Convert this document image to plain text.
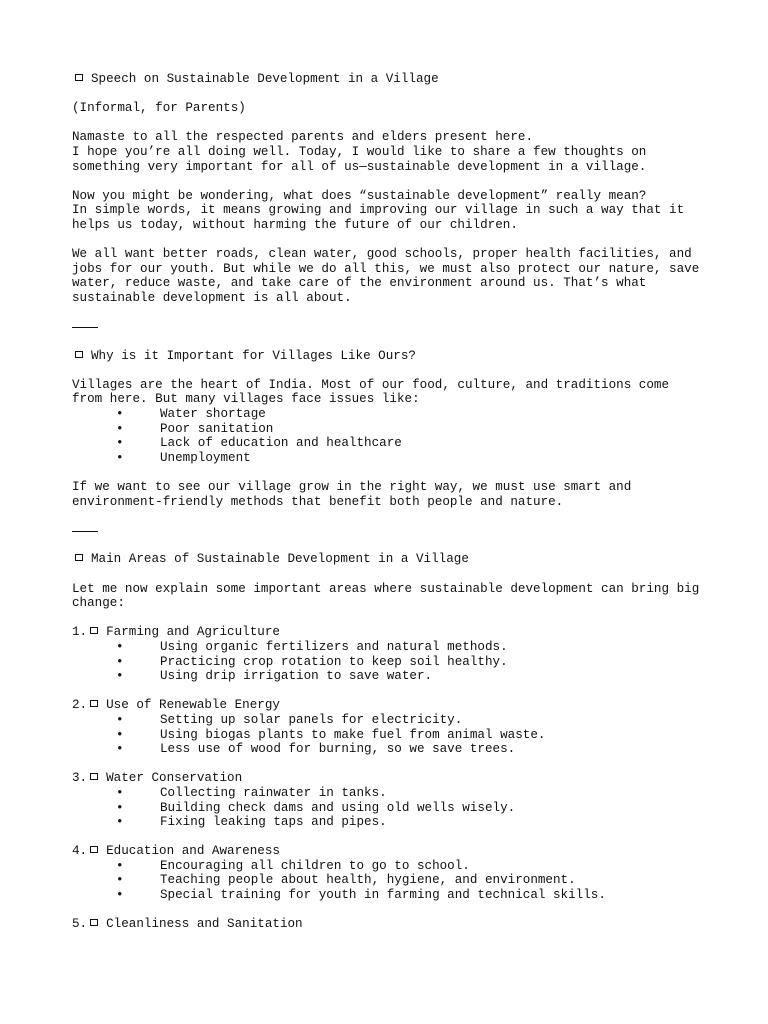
Speech on Sustainable Development in a Village
(Informal, for Parents)
Namaste to all the respected parents and elders present here.
I hope you’re all doing well. Today, I would like to share a few thoughts on
something very important for all of us—sustainable development in a village.
Now you might be wondering, what does “sustainable development” really mean?
In simple words, it means growing and improving our village in such a way that it
helps us today, without harming the future of our children.
We all want better roads, clean water, good schools, proper health facilities, and
jobs for our youth. But while we do all this, we must also protect our nature, save
water, reduce waste, and take care of the environment around us. That’s what
sustainable development is all about.
Why is it Important for Villages Like Ours?
Villages are the heart of India. Most of our food, culture, and traditions come
from here. But many villages face issues like:
•	Water shortage
•	Poor sanitation
•	Lack of education and healthcare
•	Unemployment
If we want to see our village grow in the right way, we must use smart and
environment-friendly methods that benefit both people and nature.
Main Areas of Sustainable Development in a Village
Let me now explain some important areas where sustainable development can bring big
change:
1. Farming and Agriculture
•	Using organic fertilizers and natural methods.
•	Practicing crop rotation to keep soil healthy.
•	Using drip irrigation to save water.
2. Use of Renewable Energy
•	Setting up solar panels for electricity.
•	Using biogas plants to make fuel from animal waste.
•	Less use of wood for burning, so we save trees.
3. Water Conservation
•	Collecting rainwater in tanks.
•	Building check dams and using old wells wisely.
•	Fixing leaking taps and pipes.
4. Education and Awareness
•	Encouraging all children to go to school.
•	Teaching people about health, hygiene, and environment.
•	Special training for youth in farming and technical skills.
5. Cleanliness and Sanitation
